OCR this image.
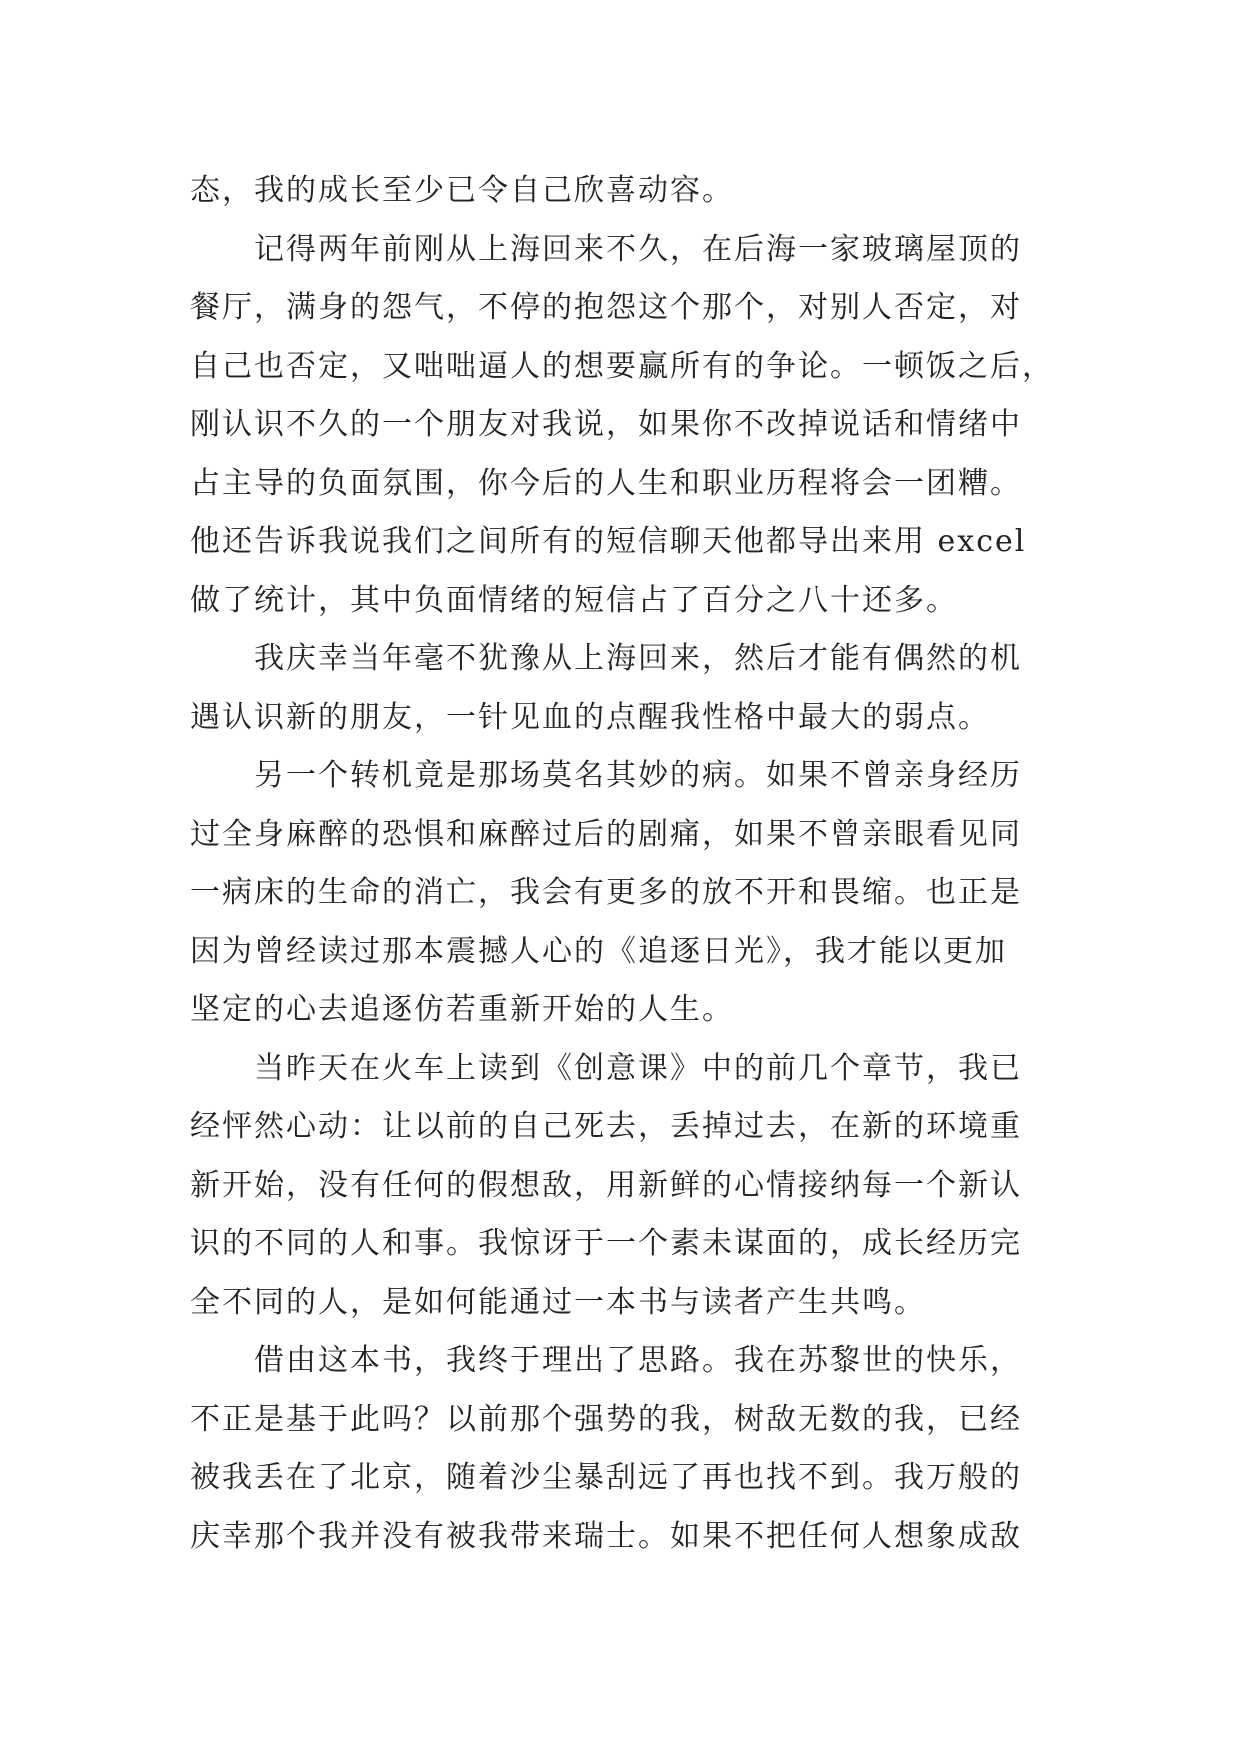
态，我的成长至少已令自己欣喜动容。
记得两年前刚从上海回来不久，在后海一家玻璃屋顶的
餐厅，满身的怨气，不停的抱怨这个那个，对别人否定，对
自己也否定，又咄咄逼人的想要赢所有的争论。一顿饭之后，
刚认识不久的一个朋友对我说，如果你不改掉说话和情绪中
占主导的负面氛围，你今后的人生和职业历程将会一团糟。
他还告诉我说我们之间所有的短信聊天他都导出来用 excel
做了统计，其中负面情绪的短信占了百分之八十还多。
我庆幸当年毫不犹豫从上海回来，然后才能有偶然的机
遇认识新的朋友，一针见血的点醒我性格中最大的弱点。
另一个转机竟是那场莫名其妙的病。如果不曾亲身经历
过全身麻醉的恐惧和麻醉过后的剧痛，如果不曾亲眼看见同
一病床的生命的消亡，我会有更多的放不开和畏缩。也正是
因为曾经读过那本震撼人心的《追逐日光》，我才能以更加
坚定的心去追逐仿若重新开始的人生。
当昨天在火车上读到《创意课》中的前几个章节，我已
经怦然心动：让以前的自己死去，丢掉过去，在新的环境重
新开始，没有任何的假想敌，用新鲜的心情接纳每一个新认
识的不同的人和事。我惊讶于一个素未谋面的，成长经历完
全不同的人，是如何能通过一本书与读者产生共鸣。
借由这本书，我终于理出了思路。我在苏黎世的快乐，
不正是基于此吗？以前那个强势的我，树敌无数的我，已经
被我丢在了北京，随着沙尘暴刮远了再也找不到。我万般的
庆幸那个我并没有被我带来瑞士。如果不把任何人想象成敌
